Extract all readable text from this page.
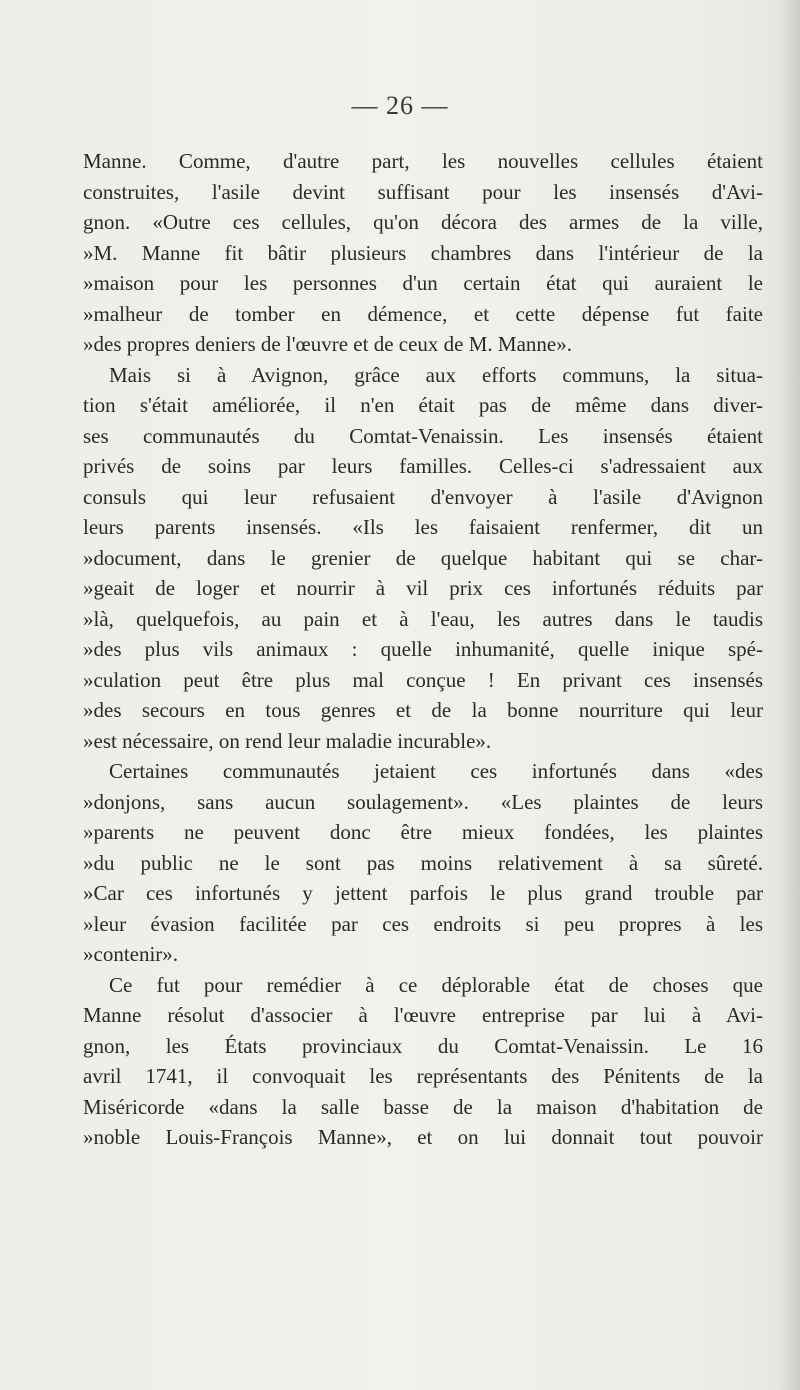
— 26 —
Manne. Comme, d'autre part, les nouvelles cellules étaient
construites, l'asile devint suffisant pour les insensés d'Avi-
gnon. «Outre ces cellules, qu'on décora des armes de la ville,
»M. Manne fit bâtir plusieurs chambres dans l'intérieur de la
»maison pour les personnes d'un certain état qui auraient le
»malheur de tomber en démence, et cette dépense fut faite
»des propres deniers de l'œuvre et de ceux de M. Manne».
Mais si à Avignon, grâce aux efforts communs, la situa-
tion s'était améliorée, il n'en était pas de même dans diver-
ses communautés du Comtat-Venaissin. Les insensés étaient
privés de soins par leurs familles. Celles-ci s'adressaient aux
consuls qui leur refusaient d'envoyer à l'asile d'Avignon
leurs parents insensés. «Ils les faisaient renfermer, dit un
»document, dans le grenier de quelque habitant qui se char-
»geait de loger et nourrir à vil prix ces infortunés réduits par
»là, quelquefois, au pain et à l'eau, les autres dans le taudis
»des plus vils animaux : quelle inhumanité, quelle inique spé-
»culation peut être plus mal conçue ! En privant ces insensés
»des secours en tous genres et de la bonne nourriture qui leur
»est nécessaire, on rend leur maladie incurable».
Certaines communautés jetaient ces infortunés dans «des
»donjons, sans aucun soulagement». «Les plaintes de leurs
»parents ne peuvent donc être mieux fondées, les plaintes
»du public ne le sont pas moins relativement à sa sûreté.
»Car ces infortunés y jettent parfois le plus grand trouble par
»leur évasion facilitée par ces endroits si peu propres à les
»contenir».
Ce fut pour remédier à ce déplorable état de choses que
Manne résolut d'associer à l'œuvre entreprise par lui à Avi-
gnon, les États provinciaux du Comtat-Venaissin. Le 16
avril 1741, il convoquait les représentants des Pénitents de la
Miséricorde «dans la salle basse de la maison d'habitation de
»noble Louis-François Manne», et on lui donnait tout pouvoir
